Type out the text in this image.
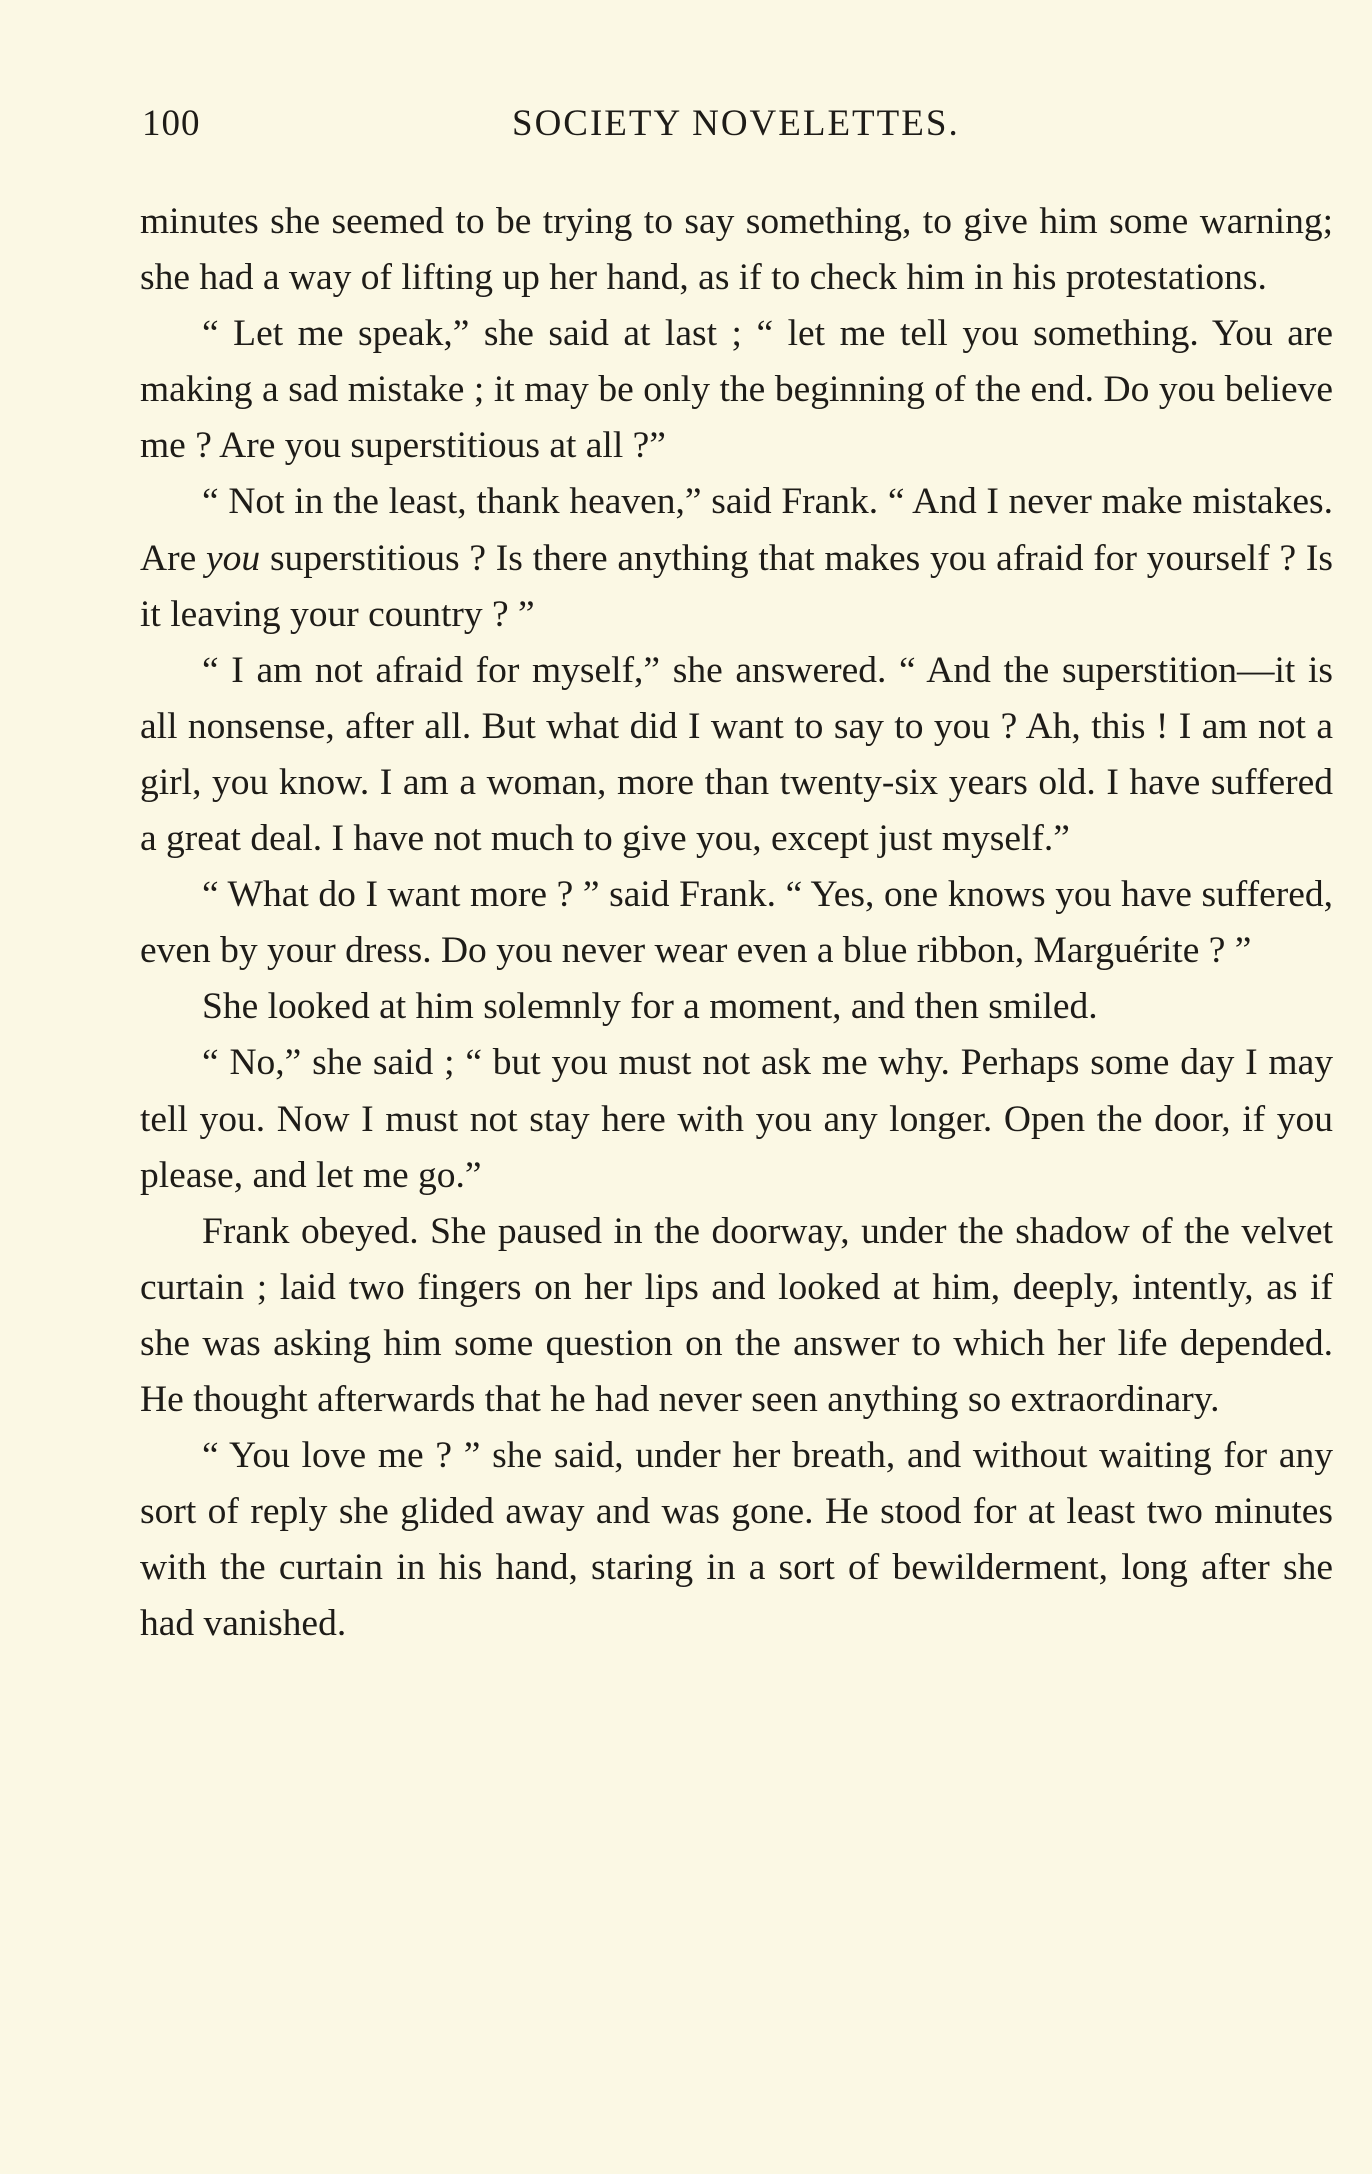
100	SOCIETY NOVELETTES.

minutes she seemed to be trying to say something, to give him some warning; she had a way of lifting up her hand, as if to check him in his protestations.

“ Let me speak,” she said at last ; “ let me tell you something. You are making a sad mistake ; it may be only the beginning of the end. Do you believe me ? Are you superstitious at all ?”

“ Not in the least, thank heaven,” said Frank. “ And I never make mistakes. Are you superstitious ? Is there anything that makes you afraid for yourself ? Is it leaving your country ? ”

“ I am not afraid for myself,” she answered. “ And the superstition—it is all nonsense, after all. But what did I want to say to you ? Ah, this ! I am not a girl, you know. I am a woman, more than twenty-six years old. I have suffered a great deal. I have not much to give you, except just myself.”

“ What do I want more ? ” said Frank. “ Yes, one knows you have suffered, even by your dress. Do you never wear even a blue ribbon, Marguérite ? ”

She looked at him solemnly for a moment, and then smiled.

“ No,” she said ; “ but you must not ask me why. Perhaps some day I may tell you. Now I must not stay here with you any longer. Open the door, if you please, and let me go.”

Frank obeyed. She paused in the doorway, under the shadow of the velvet curtain ; laid two fingers on her lips and looked at him, deeply, intently, as if she was asking him some question on the answer to which her life depended. He thought afterwards that he had never seen anything so extraordinary.

“ You love me ? ” she said, under her breath, and without waiting for any sort of reply she glided away and was gone. He stood for at least two minutes with the curtain in his hand, staring in a sort of bewilderment, long after she had vanished.
